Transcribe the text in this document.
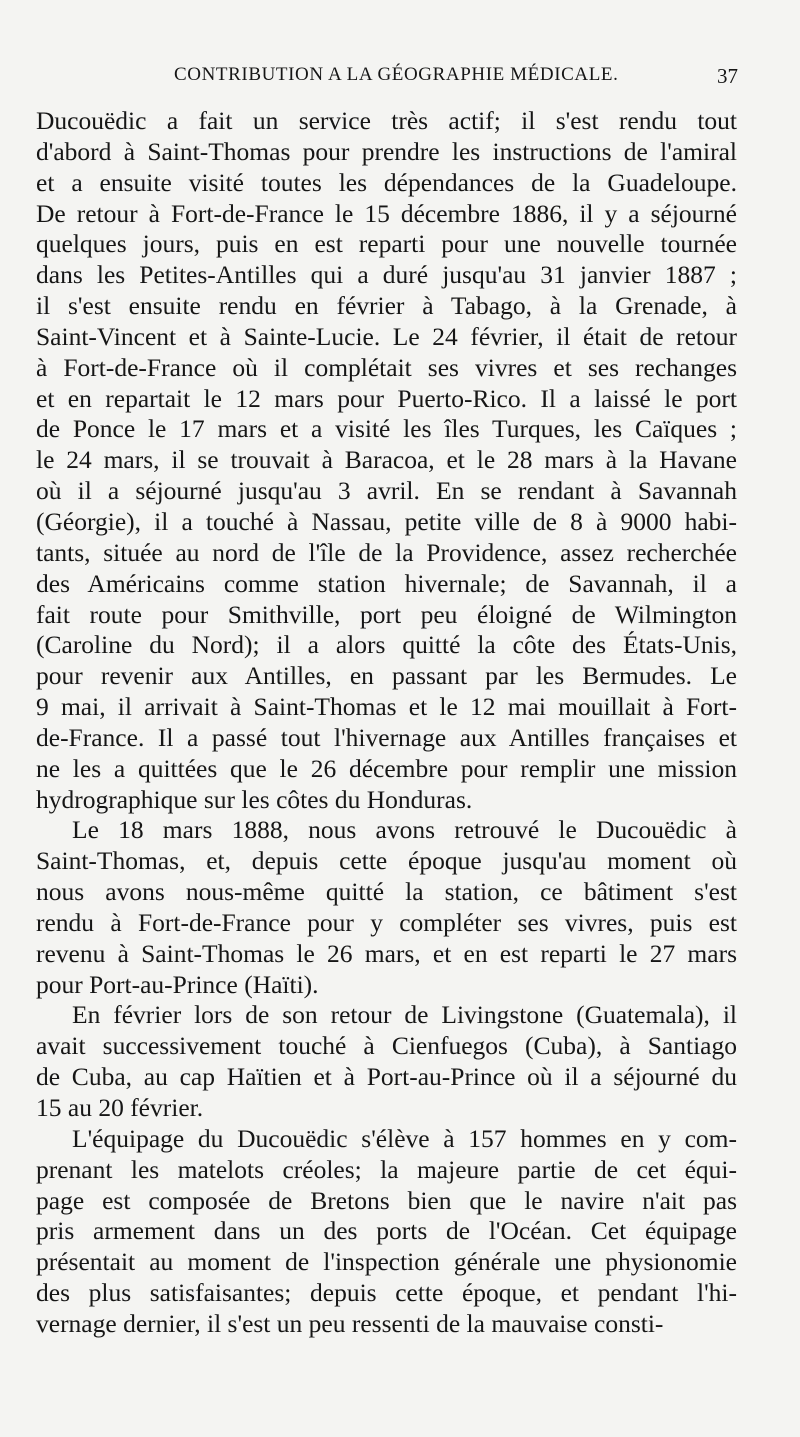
CONTRIBUTION A LA GÉOGRAPHIE MÉDICALE.	37
Ducouëdic a fait un service très actif; il s'est rendu tout
d'abord à Saint-Thomas pour prendre les instructions de l'amiral
et a ensuite visité toutes les dépendances de la Guadeloupe.
De retour à Fort-de-France le 15 décembre 1886, il y a séjourné
quelques jours, puis en est reparti pour une nouvelle tournée
dans les Petites-Antilles qui a duré jusqu'au 31 janvier 1887 ;
il s'est ensuite rendu en février à Tabago, à la Grenade, à
Saint-Vincent et à Sainte-Lucie. Le 24 février, il était de retour
à Fort-de-France où il complétait ses vivres et ses rechanges
et en repartait le 12 mars pour Puerto-Rico. Il a laissé le port
de Ponce le 17 mars et a visité les îles Turques, les Caïques ;
le 24 mars, il se trouvait à Baracoa, et le 28 mars à la Havane
où il a séjourné jusqu'au 3 avril. En se rendant à Savannah
(Géorgie), il a touché à Nassau, petite ville de 8 à 9000 habi-
tants, située au nord de l'île de la Providence, assez recherchée
des Américains comme station hivernale; de Savannah, il a
fait route pour Smithville, port peu éloigné de Wilmington
(Caroline du Nord); il a alors quitté la côte des États-Unis,
pour revenir aux Antilles, en passant par les Bermudes. Le
9 mai, il arrivait à Saint-Thomas et le 12 mai mouillait à Fort-
de-France. Il a passé tout l'hivernage aux Antilles françaises et
ne les a quittées que le 26 décembre pour remplir une mission
hydrographique sur les côtes du Honduras.
Le 18 mars 1888, nous avons retrouvé le Ducouëdic à
Saint-Thomas, et, depuis cette époque jusqu'au moment où
nous avons nous-même quitté la station, ce bâtiment s'est
rendu à Fort-de-France pour y compléter ses vivres, puis est
revenu à Saint-Thomas le 26 mars, et en est reparti le 27 mars
pour Port-au-Prince (Haïti).
En février lors de son retour de Livingstone (Guatemala), il
avait successivement touché à Cienfuegos (Cuba), à Santiago
de Cuba, au cap Haïtien et à Port-au-Prince où il a séjourné du
15 au 20 février.
L'équipage du Ducouëdic s'élève à 157 hommes en y com-
prenant les matelots créoles; la majeure partie de cet équi-
page est composée de Bretons bien que le navire n'ait pas
pris armement dans un des ports de l'Océan. Cet équipage
présentait au moment de l'inspection générale une physionomie
des plus satisfaisantes; depuis cette époque, et pendant l'hi-
vernage dernier, il s'est un peu ressenti de la mauvaise consti-
